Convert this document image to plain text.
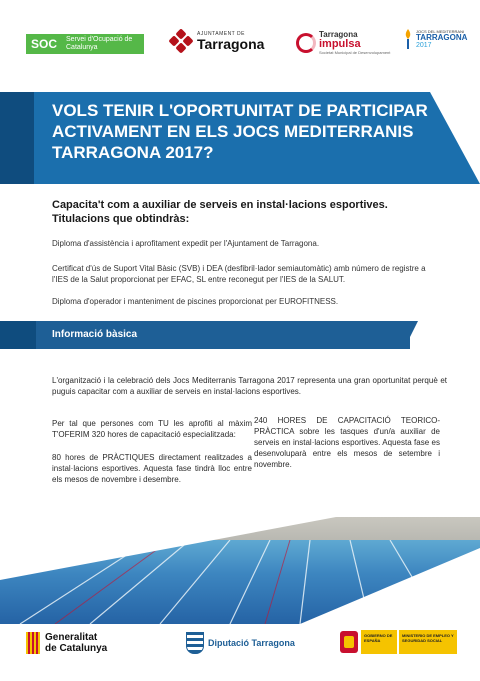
SOC	Servei d'Ocupació de Catalunya
AJUNTAMENT DE
Tarragona
Tarragona
impulsa
Societat Municipal de Desenvolupament
JOCS DEL MEDITERRANI
TARRAGONA
2017
VOLS TENIR L'OPORTUNITAT DE PARTICIPAR ACTIVAMENT EN ELS JOCS MEDITERRANIS TARRAGONA 2017?
Capacita't com a auxiliar de serveis en instal·lacions esportives.
Titulacions que obtindràs:
Diploma d'assistència i aprofitament expedit per l'Ajuntament de Tarragona.
Certificat d'ús de Suport Vital Bàsic (SVB) i DEA (desfibril·lador semiautomàtic) amb número de registre a l'IES de la Salut proporcionat per EFAC, SL entre reconegut per l'IES de la SALUT.
Diploma d'operador i manteniment de piscines proporcionat per EUROFITNESS.
Informació bàsica
L'organització i la celebració dels Jocs Mediterranis Tarragona 2017 representa una gran oportunitat perquè et puguis capacitar com a auxiliar de serveis en instal·lacions esportives.
Per tal que persones com TU les aprofiti al màxim T'OFERIM 320 hores de capacitació especialitzada:
80 hores de PRÀCTIQUES directament realitzades a instal·lacions esportives. Aquesta fase tindrà lloc entre els mesos de novembre i desembre.
240 HORES DE CAPACITACIÓ TEORICO-PRÀCTICA sobre les tasques d'un/a auxiliar de serveis en instal·lacions esportives. Aquesta fase es desenvoluparà entre els mesos de setembre i novembre.
Generalitat
de Catalunya	Diputació Tarragona
GOBIERNO DE ESPAÑA
MINISTERIO DE EMPLEO Y SEGURIDAD SOCIAL
